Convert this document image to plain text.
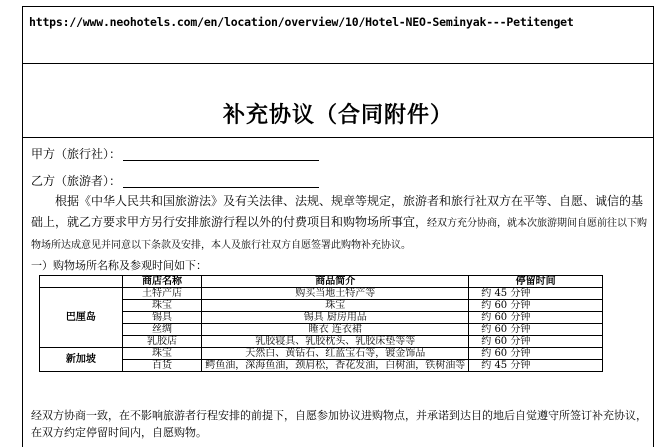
https://www.neohotels.com/en/location/overview/10/Hotel-NEO-Seminyak---Petitenget
补充协议（合同附件）
甲方（旅行社）：
乙方（旅游者）：
根据《中华人民共和国旅游法》及有关法律、法规、规章等规定，旅游者和旅行社双方在平等、自愿、诚信的基础上，就乙方要求甲方另行安排旅游行程以外的付费项目和购物场所事宜，经双方充分协商，就本次旅游期间自愿前往以下购物场所达成意见并同意以下条款及安排，本人及旅行社双方自愿签署此购物补充协议。
一）购物场所名称及参观时间如下：
	商店名称	商品简介	停留时间
巴厘岛	土特产店	购买当地土特产等	约 45 分钟
	珠宝	珠宝	约 60 分钟
	锡具	锡具 厨房用品	约 60 分钟
	丝绸	睡衣 连衣裙	约 60 分钟
	乳胶店	乳胶寝具、乳胶枕头、乳胶床垫等等	约 60 分钟
新加坡	珠宝	天然白、黄钻石、红蓝宝石等，镀金饰品	约 60 分钟
	百货	鳄鱼油，深海鱼油，颈肩松，香花发油，白树油，铁树油等	约 45 分钟
经双方协商一致，在不影响旅游者行程安排的前提下，自愿参加协议进购物点，并承诺到达目的地后自觉遵守所签订补充协议，在双方约定停留时间内，自愿购物。
